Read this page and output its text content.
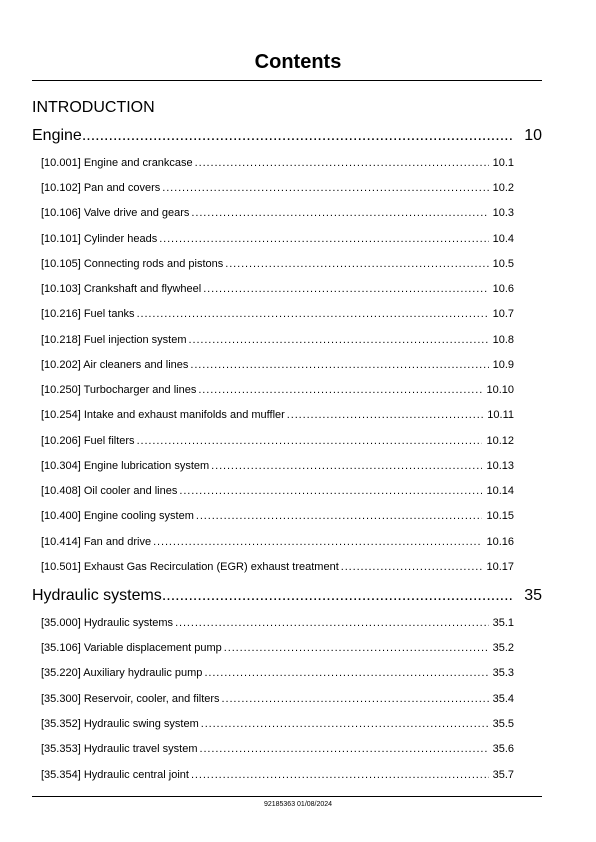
Contents
INTRODUCTION
Engine .....	10
[10.001] Engine and crankcase .....	10.1
[10.102] Pan and covers .....	10.2
[10.106] Valve drive and gears .....	10.3
[10.101] Cylinder heads .....	10.4
[10.105] Connecting rods and pistons .....	10.5
[10.103] Crankshaft and flywheel .....	10.6
[10.216] Fuel tanks .....	10.7
[10.218] Fuel injection system .....	10.8
[10.202] Air cleaners and lines .....	10.9
[10.250] Turbocharger and lines .....	10.10
[10.254] Intake and exhaust manifolds and muffler .....	10.11
[10.206] Fuel filters .....	10.12
[10.304] Engine lubrication system .....	10.13
[10.408] Oil cooler and lines .....	10.14
[10.400] Engine cooling system .....	10.15
[10.414] Fan and drive .....	10.16
[10.501] Exhaust Gas Recirculation (EGR) exhaust treatment .....	10.17
Hydraulic systems .....	35
[35.000] Hydraulic systems .....	35.1
[35.106] Variable displacement pump .....	35.2
[35.220] Auxiliary hydraulic pump .....	35.3
[35.300] Reservoir, cooler, and filters .....	35.4
[35.352] Hydraulic swing system .....	35.5
[35.353] Hydraulic travel system .....	35.6
[35.354] Hydraulic central joint .....	35.7
92185363 01/08/2024
